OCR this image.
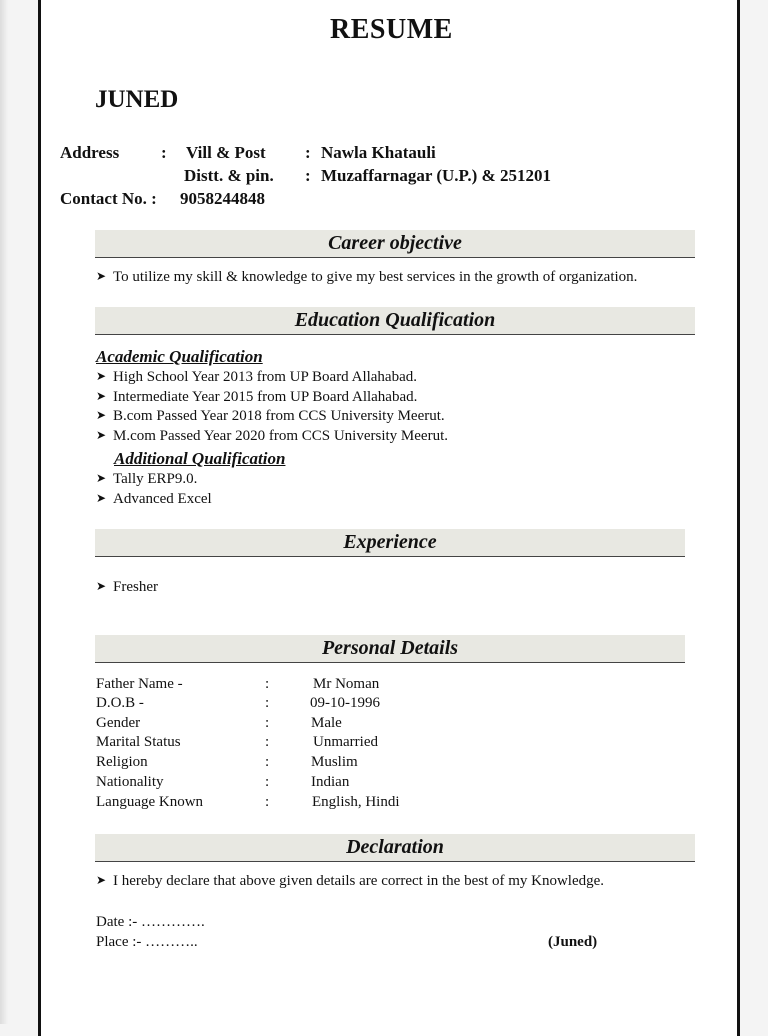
RESUME
JUNED
Address : Vill & Post : Nawla Khatauli
Distt. & pin. : Muzaffarnagar (U.P.) & 251201
Contact No. : 9058244848
Career objective
➤ To utilize my skill & knowledge to give my best services in the growth of organization.
Education Qualification
Academic Qualification
➤ High School Year 2013 from UP Board Allahabad.
➤ Intermediate Year 2015 from UP Board Allahabad.
➤ B.com Passed Year 2018 from CCS University Meerut.
➤ M.com Passed Year 2020 from CCS University Meerut.
Additional Qualification
➤ Tally ERP9.0.
➤ Advanced Excel
Experience
➤ Fresher
Personal Details
Father Name -	:	Mr Noman
D.O.B -	:	09-10-1996
Gender	:	Male
Marital Status	:	Unmarried
Religion	:	Muslim
Nationality	:	Indian
Language Known	:	English, Hindi
Declaration
➤ I hereby declare that above given details are correct in the best of my Knowledge.
Date :- ………….
Place :- ………..	(Juned)
